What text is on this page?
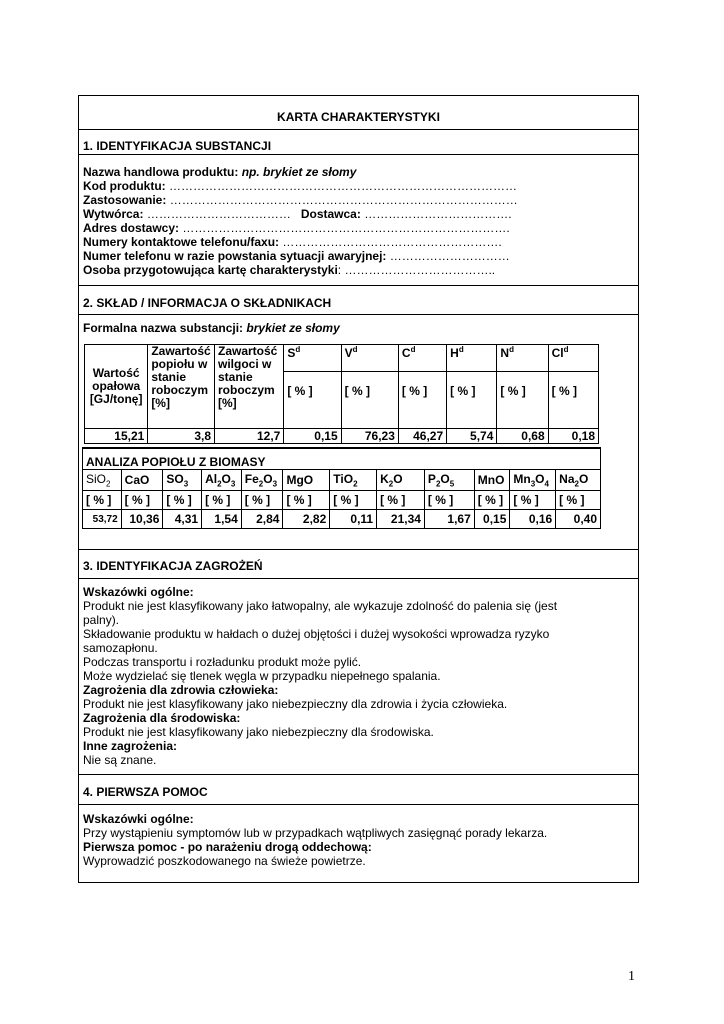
KARTA CHARAKTERYSTYKI
1. IDENTYFIKACJA SUBSTANCJI
Nazwa handlowa produktu: np. brykiet ze słomy
Kod produktu: ……………………………………………………………………………
Zastosowanie: ……………………………………………………………………………
Wytwórca: ……………………………… Dostawca: ……………………………….
Adres dostawcy: ……………………………………………………………………….
Numery kontaktowe telefonu/faxu: ……………………………………………….
Numer telefonu w razie powstania sytuacji awaryjnej: …………………………
Osoba przygotowująca kartę charakterystyki: ………………………………..
2. SKŁAD / INFORMACJA O SKŁADNIKACH
Formalna nazwa substancji: brykiet ze słomy
Wartość opałowa [GJ/tonę]	Zawartość popiołu w stanie roboczym [%]	Zawartość wilgoci w stanie roboczym [%]	$S^d$	$V^d$	$C^d$	$H^d$	$N^d$	Cl$^d$
			[ % ]	[ % ]	[ % ]	[ % ]	[ % ]	[ % ]
15,21	3,8	12,7	0,15	76,23	46,27	5,74	0,68	0,18
ANALIZA POPIOŁU Z BIOMASY											
SiO$_2$	CaO	$SO_3$	$Al_2O_3$	$Fe_2O_3$	MgO	TiO$_2$	$K_2O$	$P_2O_5$	MnO	$Mn_3O_4$	$Na_2O$
[ % ]	[ % ]	[ % ]	[ % ]	[ % ]	[ % ]	[ % ]	[ % ]	[ % ]	[ % ]	[ % ]	[ % ]
53,72	10,36	4,31	1,54	2,84	2,82	0,11	21,34	1,67	0,15	0,16	0,40
3. IDENTYFIKACJA ZAGROŻEŃ
Wskazówki ogólne:
Produkt nie jest klasyfikowany jako łatwopalny, ale wykazuje zdolność do palenia się (jest
palny).
Składowanie produktu w hałdach o dużej objętości i dużej wysokości wprowadza ryzyko
samozapłonu.
Podczas transportu i rozładunku produkt może pylić.
Może wydzielać się tlenek węgla w przypadku niepełnego spalania.
Zagrożenia dla zdrowia człowieka:
Produkt nie jest klasyfikowany jako niebezpieczny dla zdrowia i życia człowieka.
Zagrożenia dla środowiska:
Produkt nie jest klasyfikowany jako niebezpieczny dla środowiska.
Inne zagrożenia:
Nie są znane.
4. PIERWSZA POMOC
Wskazówki ogólne:
Przy wystąpieniu symptomów lub w przypadkach wątpliwych zasięgnąć porady lekarza.
Pierwsza pomoc - po narażeniu drogą oddechową:
Wyprowadzić poszkodowanego na świeże powietrze.
1
